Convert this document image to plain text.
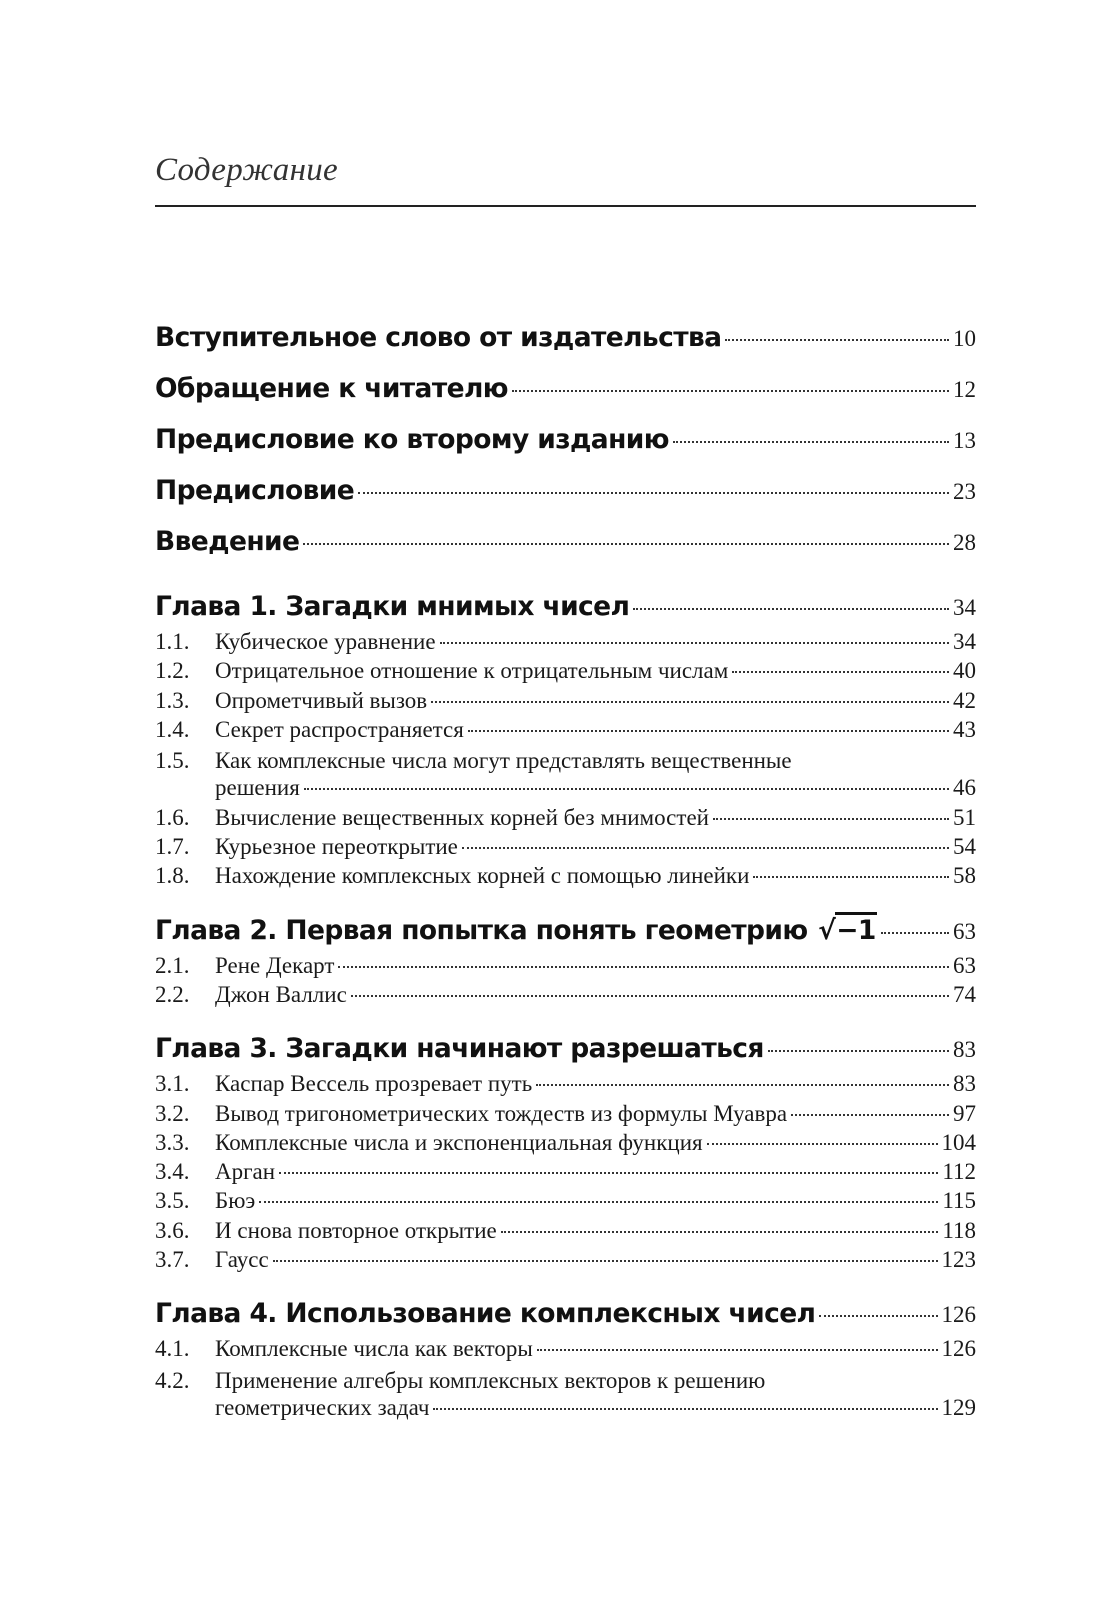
Содержание
Вступительное слово от издательства	10
Обращение к читателю	12
Предисловие ко второму изданию	13
Предисловие	23
Введение	28
Глава 1. Загадки мнимых чисел	34
1.1.	Кубическое уравнение	34
1.2.	Отрицательное отношение к отрицательным числам	40
1.3.	Опрометчивый вызов	42
1.4.	Секрет распространяется	43
1.5.	Как комплексные числа могут представлять вещественные
решения	46
1.6.	Вычисление вещественных корней без мнимостей	51
1.7.	Курьезное переоткрытие	54
1.8.	Нахождение комплексных корней с помощью линейки	58
Глава 2. Первая попытка понять геометрию √−1	63
2.1.	Рене Декарт	63
2.2.	Джон Валлис	74
Глава 3. Загадки начинают разрешаться	83
3.1.	Каспар Вессель прозревает путь	83
3.2.	Вывод тригонометрических тождеств из формулы Муавра	97
3.3.	Комплексные числа и экспоненциальная функция	104
3.4.	Арган	112
3.5.	Бюэ	115
3.6.	И снова повторное открытие	118
3.7.	Гаусс	123
Глава 4. Использование комплексных чисел	126
4.1.	Комплексные числа как векторы	126
4.2.	Применение алгебры комплексных векторов к решению
геометрических задач	129
